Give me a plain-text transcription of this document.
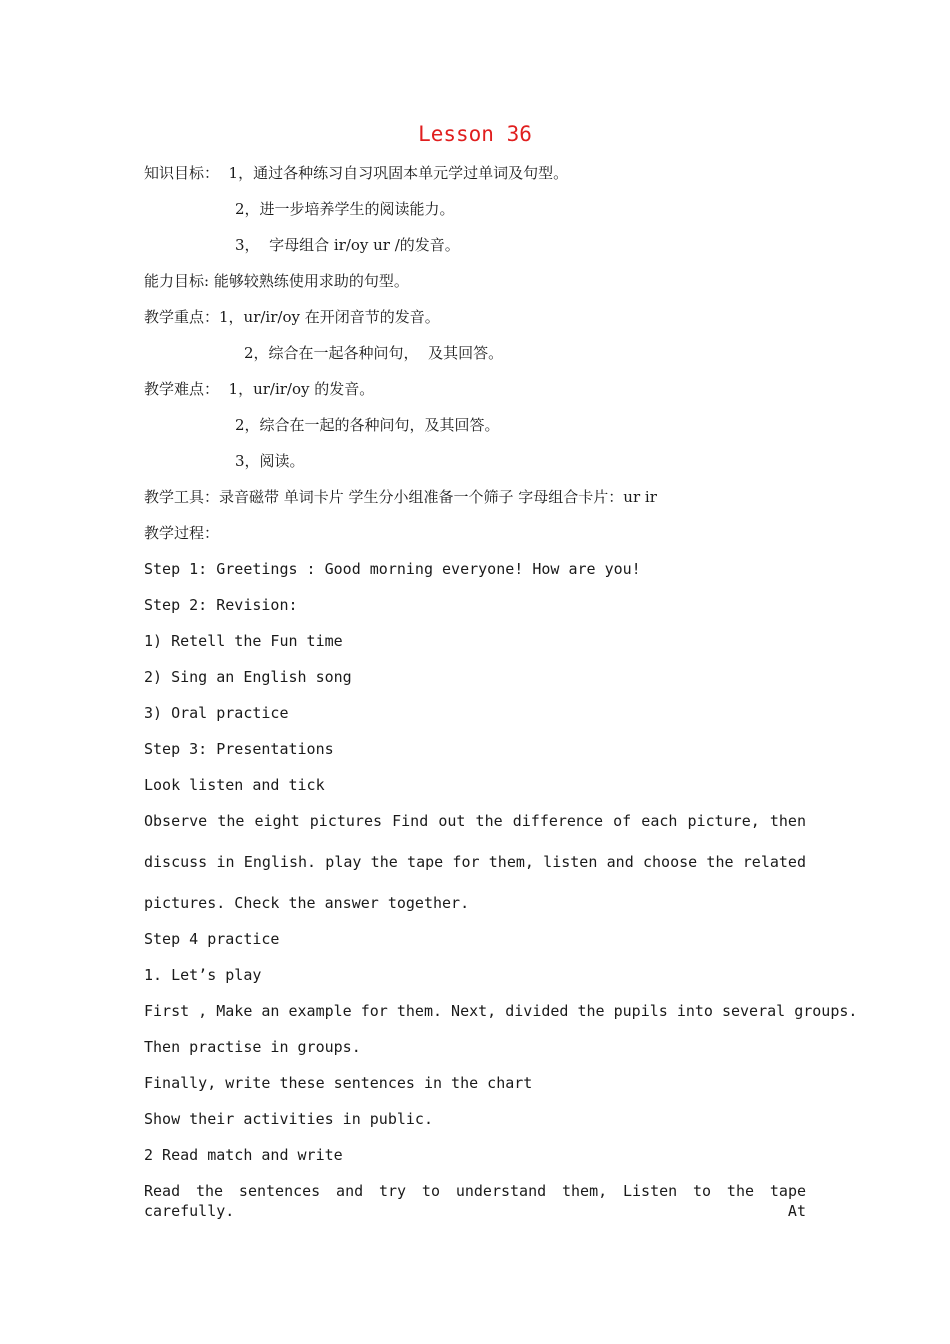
Lesson 36

知识目标：  1，通过各种练习自习巩固本单元学过单词及句型。

2，进一步培养学生的阅读能力。

3，  字母组合 ir/oy ur /的发音。

能力目标: 能够较熟练使用求助的句型。

教学重点：1，ur/ir/oy 在开闭音节的发音。

2，综合在一起各种问句，  及其回答。

教学难点：  1，ur/ir/oy 的发音。

2，综合在一起的各种问句，及其回答。

3，阅读。

教学工具：录音磁带 单词卡片 学生分小组准备一个筛子 字母组合卡片：ur ir

教学过程：

Step 1: Greetings : Good morning everyone! How are you!

Step 2: Revision:

1) Retell the Fun time

2) Sing an English song

3) Oral practice

Step 3: Presentations

Look listen and tick

Observe the eight pictures Find out the difference of each picture, then

discuss in English. play the tape for them, listen and choose the related

pictures. Check the answer together.

Step 4 practice

1. Let’s play

First , Make an example for them. Next, divided the pupils into several groups.

Then practise in groups.

Finally, write these sentences in the chart

Show their activities in public.

2 Read match and write

Read the sentences and try to understand them, Listen to the tape carefully. At
